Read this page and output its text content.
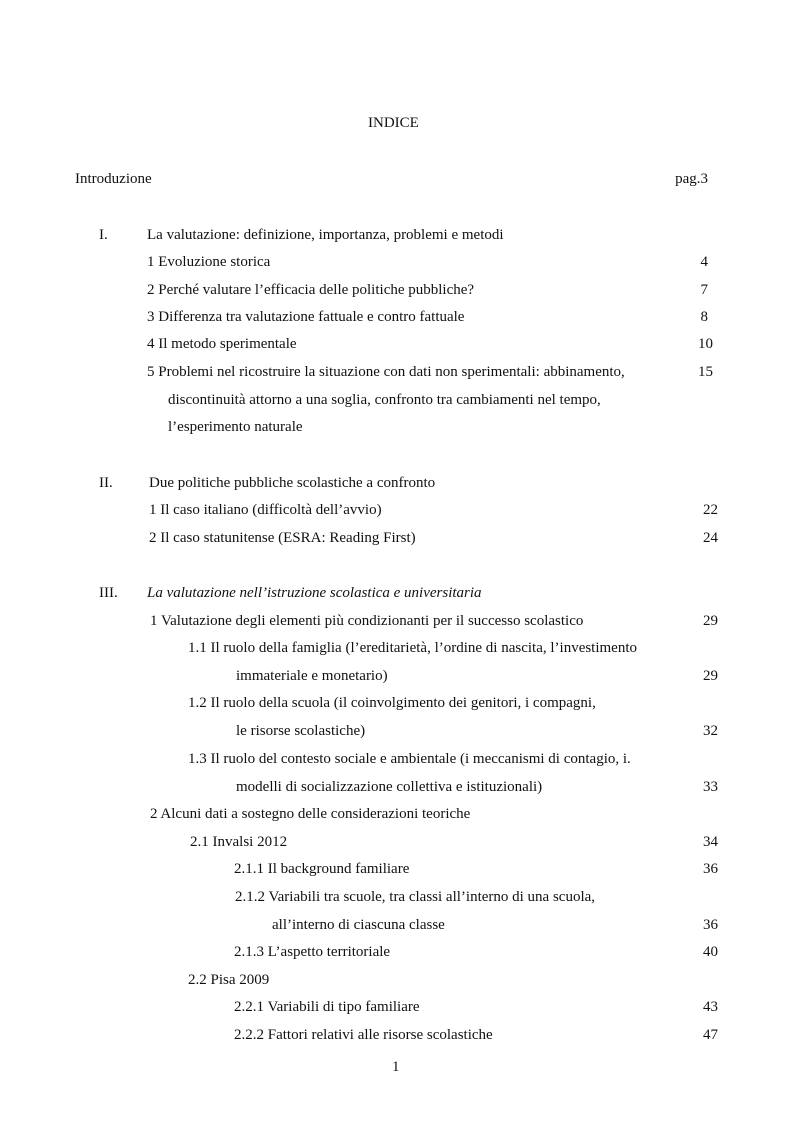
INDICE
Introduzione	pag.3
I.	La valutazione: definizione, importanza, problemi e metodi
1 Evoluzione storica	4
2 Perché valutare l’efficacia delle politiche pubbliche?	7
3 Differenza tra valutazione fattuale e contro fattuale	8
4 Il metodo sperimentale	10
5 Problemi nel ricostruire la situazione con dati non sperimentali: abbinamento,	15
discontinuità attorno a una soglia, confronto tra cambiamenti nel tempo,
l’esperimento naturale
II. Due politiche pubbliche scolastiche a confronto
1 Il caso italiano (difficoltà dell’avvio)	22
2 Il caso statunitense (ESRA: Reading First)	24
III. La valutazione nell’istruzione scolastica e universitaria
1 Valutazione degli elementi più condizionanti per il successo scolastico	29
1.1 Il ruolo della famiglia (l’ereditarietà, l’ordine di nascita, l’investimento
immateriale e monetario)	29
1.2 Il ruolo della scuola (il coinvolgimento dei genitori, i compagni,
le risorse scolastiche)	32
1.3 Il ruolo del contesto sociale e ambientale (i meccanismi di contagio, i.
modelli di socializzazione collettiva e istituzionali)	33
2 Alcuni dati a sostegno delle considerazioni teoriche
2.1 Invalsi 2012	34
2.1.1 Il background familiare	36
2.1.2 Variabili tra scuole, tra classi all’interno di una scuola,
all’interno di ciascuna classe	36
2.1.3 L’aspetto territoriale	40
2.2 Pisa 2009
2.2.1 Variabili di tipo familiare	43
2.2.2 Fattori relativi alle risorse scolastiche	47
1
